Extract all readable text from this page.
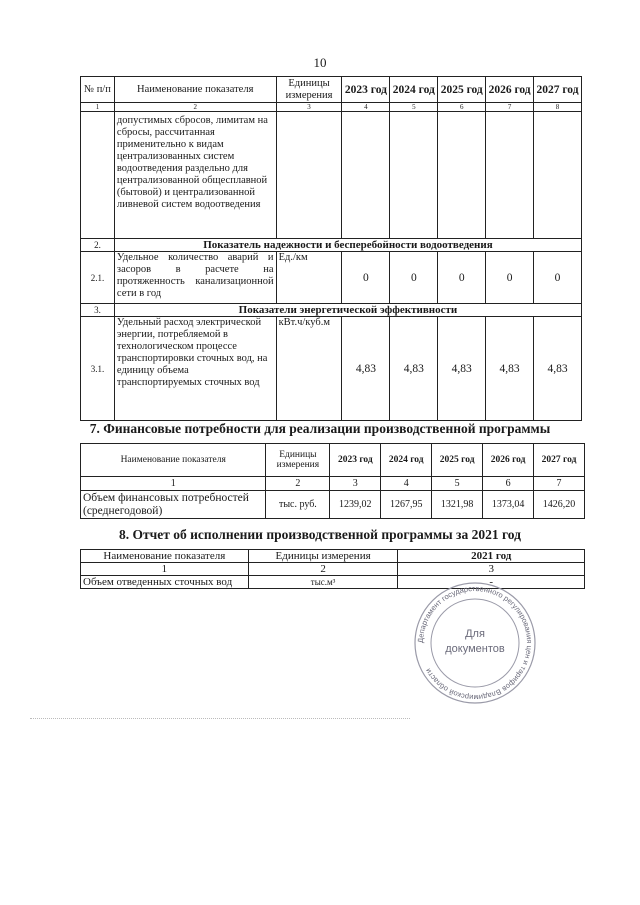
10
№ п/п	Наименование показателя	Единицы измерения	2023 год	2024 год	2025 год	2026 год	2027 год
1	2	3	4	5	6	7	8
	допустимых сбросов, лимитам на сбросы, рассчитанная применительно к видам централизованных систем водоотведения раздельно для централизованной общесплавной (бытовой) и централизованной ливневой систем водоотведения						
2.	Показатель надежности и бесперебойности водоотведения						
2.1.	Удельное количество аварий и засоров в расчете на протяженность канализационной сети в год	Ед./км	0	0	0	0	0
3.	Показатели энергетической эффективности						
3.1.	Удельный расход электрической энергии, потребляемой в технологическом процессе транспортировки сточных вод, на единицу объема транспортируемых сточных вод	кВт.ч/куб.м	4,83	4,83	4,83	4,83	4,83
7. Финансовые потребности для реализации производственной программы
Наименование показателя	Единицы измерения	2023 год	2024 год	2025 год	2026 год	2027 год
1	2	3	4	5	6	7
Объем финансовых потребностей (среднегодовой)	тыс. руб.	1239,02	1267,95	1321,98	1373,04	1426,20
8. Отчет об исполнении производственной программы за 2021 год
Наименование показателя	Единицы измерения	2021 год
1	2	3
Объем отведенных сточных вод	тыс.м³	-
Департамент государственного регулирования цен и тарифов Владимирской области
Для
документов
